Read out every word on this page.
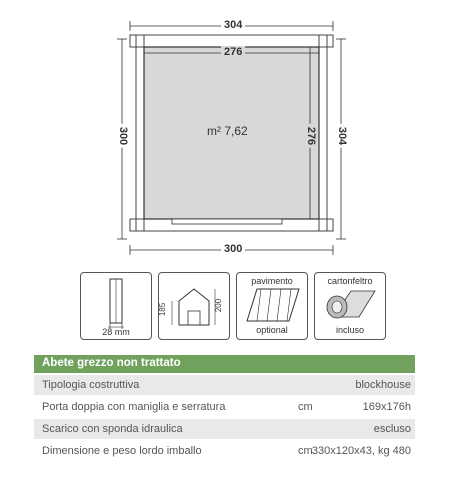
304
276
300
300	304
276
m² 7,62
28 mm
185	200
pavimento
optional
cartonfeltro
incluso
Abete grezzo non trattato
Tipologia costruttiva	blockhouse
Porta doppia con maniglia e serratura	cm	169x176h
Scarico con sponda idraulica	escluso
Dimensione e peso lordo imballo	cm 330x120x43, kg 480
